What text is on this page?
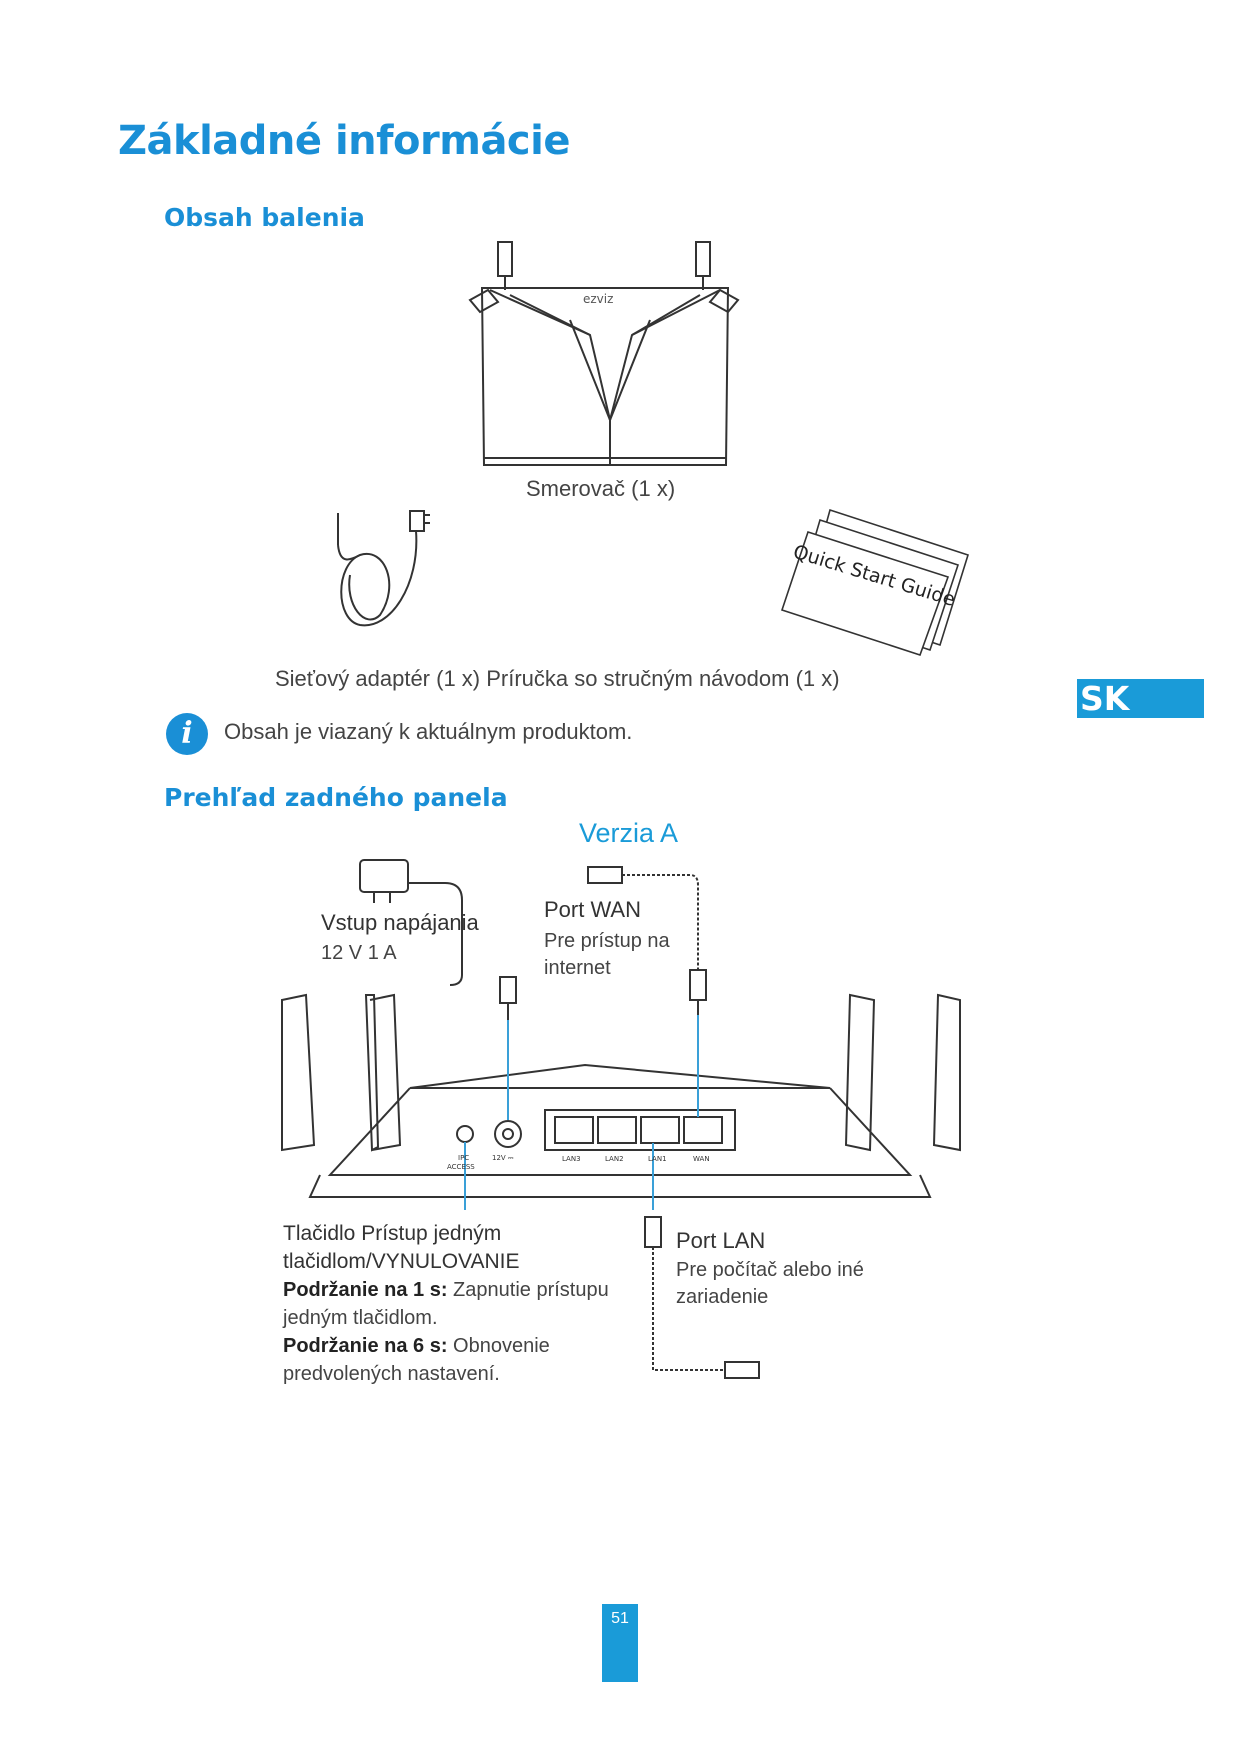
Základné informácie
Obsah balenia
ezviz
Smerovač (1 x)
Quick Start Guide
Sieťový adaptér (1 x) Príručka so stručným návodom (1 x)
i	Obsah je viazaný k aktuálnym produktom.
SK
Prehľad zadného panela
Verzia A
Vstup napájania
12 V 1 A
Port WAN
Pre prístup na
internet
IPC
ACCESS
12V ⎓	LAN3	LAN2	LAN1	WAN
Tlačidlo Prístup jedným
tlačidlom/VYNULOVANIE
Podržanie na 1 s: Zapnutie prístupu
jedným tlačidlom.
Podržanie na 6 s: Obnovenie
predvolených nastavení.
Port LAN
Pre počítač alebo iné
zariadenie
51
